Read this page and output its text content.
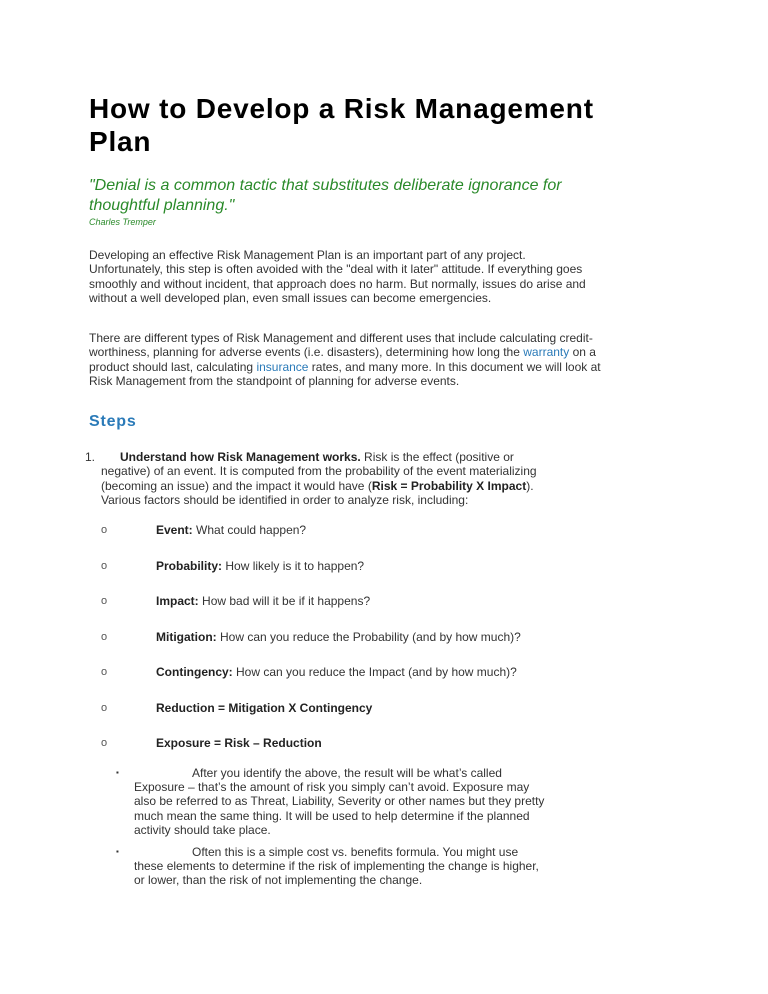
How to Develop a Risk Management Plan
"Denial is a common tactic that substitutes deliberate ignorance for thoughtful planning."
Charles Tremper
Developing an effective Risk Management Plan is an important part of any project. Unfortunately, this step is often avoided with the "deal with it later" attitude. If everything goes smoothly and without incident, that approach does no harm. But normally, issues do arise and without a well developed plan, even small issues can become emergencies.
There are different types of Risk Management and different uses that include calculating credit-worthiness, planning for adverse events (i.e. disasters), determining how long the warranty on a product should last, calculating insurance rates, and many more. In this document we will look at Risk Management from the standpoint of planning for adverse events.
Steps
1.	Understand how Risk Management works. Risk is the effect (positive or negative) of an event. It is computed from the probability of the event materializing (becoming an issue) and the impact it would have (Risk = Probability X Impact). Various factors should be identified in order to analyze risk, including:
o	Event: What could happen?
o	Probability: How likely is it to happen?
o	Impact: How bad will it be if it happens?
o	Mitigation: How can you reduce the Probability (and by how much)?
o	Contingency: How can you reduce the Impact (and by how much)?
o	Reduction = Mitigation X Contingency
o	Exposure = Risk – Reduction
▪	After you identify the above, the result will be what’s called Exposure – that’s the amount of risk you simply can’t avoid. Exposure may also be referred to as Threat, Liability, Severity or other names but they pretty much mean the same thing. It will be used to help determine if the planned activity should take place.
▪	Often this is a simple cost vs. benefits formula. You might use these elements to determine if the risk of implementing the change is higher, or lower, than the risk of not implementing the change.
